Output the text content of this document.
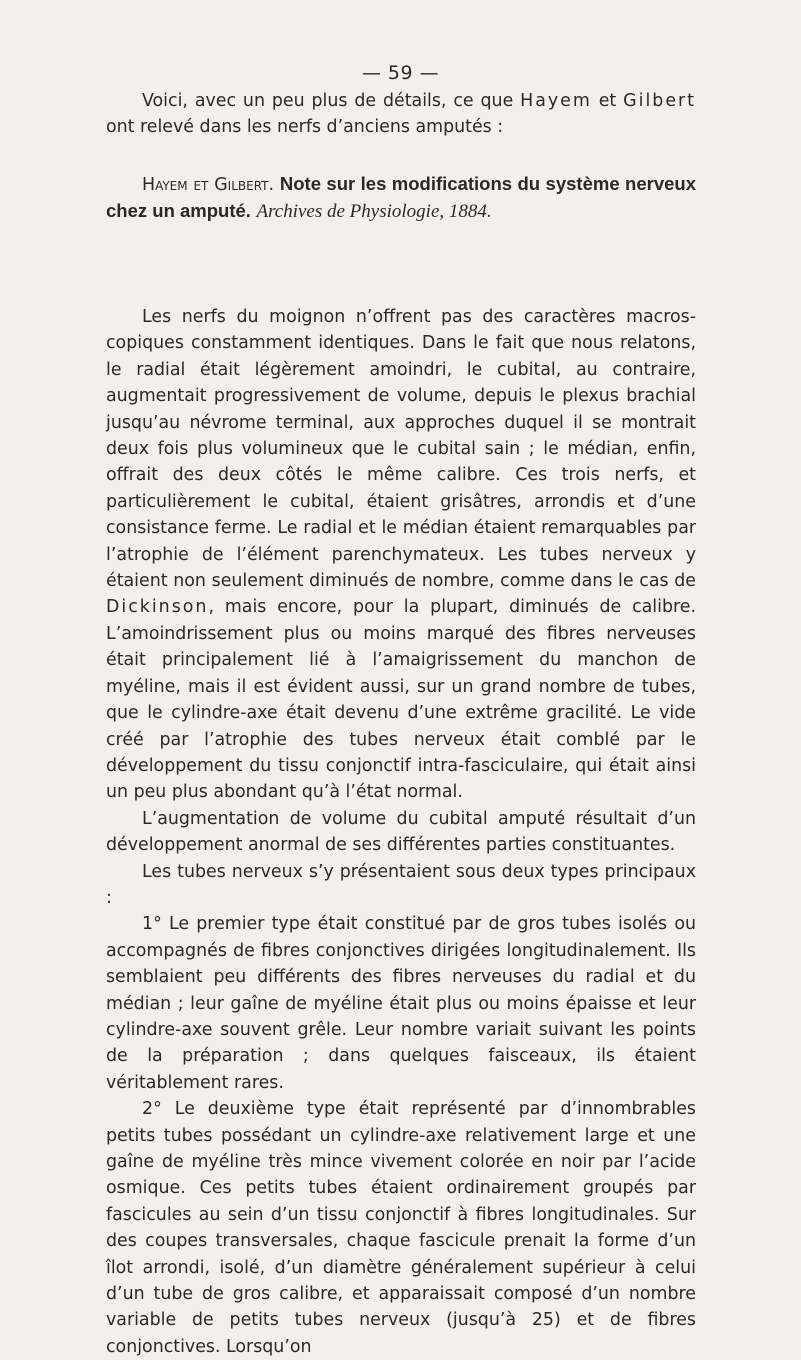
— 59 —
Voici, avec un peu plus de détails, ce que Hayem et Gilbert ont relevé dans les nerfs d’anciens amputés :
Hayem et Gilbert. Note sur les modifications du système nerveux chez un amputé. Archives de Physiologie, 1884.

Les nerfs du moignon n’offrent pas des caractères macroscopiques constamment identiques. Dans le fait que nous relatons, le radial était légèrement amoindri, le cubital, au contraire, augmentait progressivement de volume, depuis le plexus brachial jusqu’au névrome terminal, aux approches duquel il se montrait deux fois plus volumineux que le cubital sain ; le médian, enfin, offrait des deux côtés le même calibre. Ces trois nerfs, et particulièrement le cubital, étaient grisâtres, arrondis et d’une consistance ferme. Le radial et le médian étaient remarquables par l’atrophie de l’élément parenchymateux. Les tubes nerveux y étaient non seulement diminués de nombre, comme dans le cas de Dickinson, mais encore, pour la plupart, diminués de calibre. L’amoindrissement plus ou moins marqué des fibres nerveuses était principalement lié à l’amaigrissement du manchon de myéline, mais il est évident aussi, sur un grand nombre de tubes, que le cylindre-axe était devenu d’une extrême gracilité. Le vide créé par l’atrophie des tubes nerveux était comblé par le développement du tissu conjonctif intra-fasciculaire, qui était ainsi un peu plus abondant qu’à l’état normal.

L’augmentation de volume du cubital amputé résultait d’un développement anormal de ses différentes parties constituantes.

Les tubes nerveux s’y présentaient sous deux types principaux :

1° Le premier type était constitué par de gros tubes isolés ou accompagnés de fibres conjonctives dirigées longitudinalement. Ils semblaient peu différents des fibres nerveuses du radial et du médian ; leur gaîne de myéline était plus ou moins épaisse et leur cylindre-axe souvent grêle. Leur nombre variait suivant les points de la préparation ; dans quelques faisceaux, ils étaient véritablement rares.

2° Le deuxième type était représenté par d’innombrables petits tubes possédant un cylindre-axe relativement large et une gaîne de myéline très mince vivement colorée en noir par l’acide osmique. Ces petits tubes étaient ordinairement groupés par fascicules au sein d’un tissu conjonctif à fibres longitudinales. Sur des coupes transversales, chaque fascicule prenait la forme d’un îlot arrondi, isolé, d’un diamètre généralement supérieur à celui d’un tube de gros calibre, et apparaissait composé d’un nombre variable de petits tubes nerveux (jusqu’à 25) et de fibres conjonctives. Lorsqu’on
